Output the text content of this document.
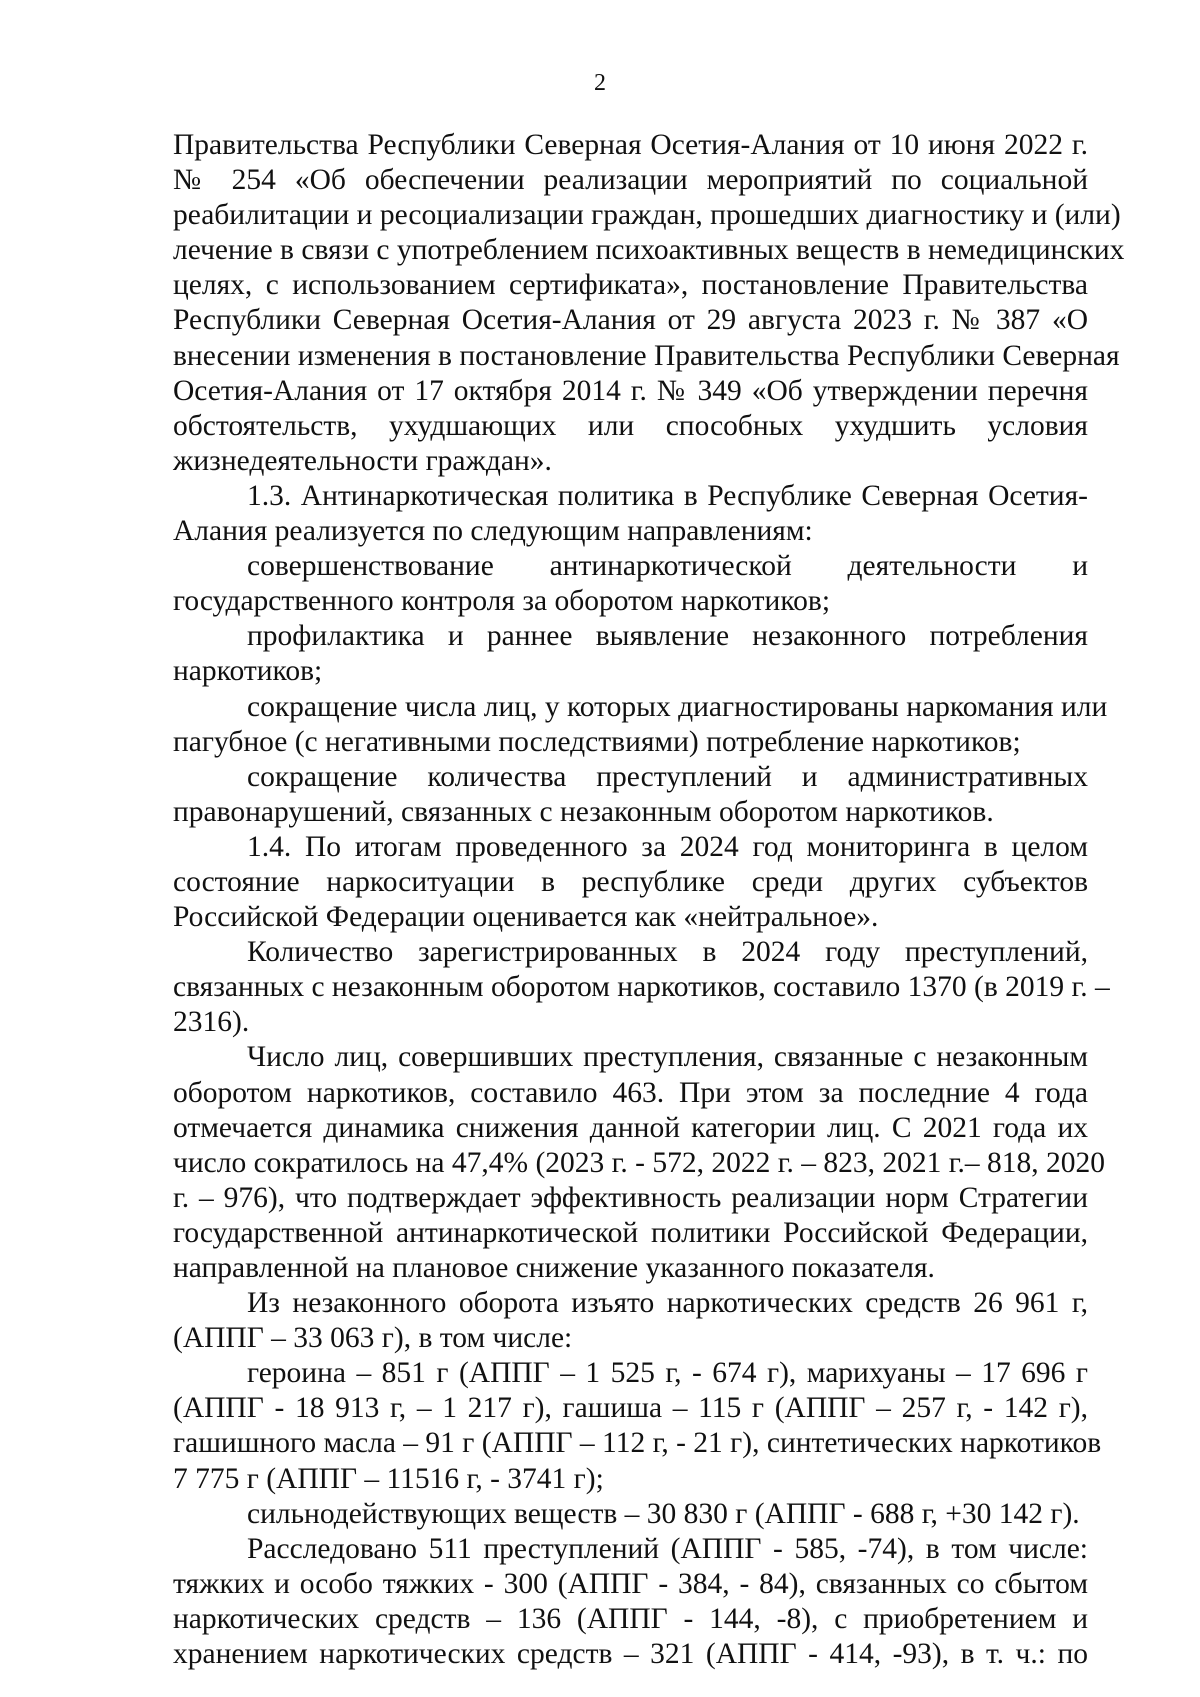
2
Правительства Республики Северная Осетия-Алания от 10 июня 2022 г.
№ 254 «Об обеспечении реализации мероприятий по социальной
реабилитации и ресоциализации граждан, прошедших диагностику и (или)
лечение в связи с употреблением психоактивных веществ в немедицинских
целях, с использованием сертификата», постановление Правительства
Республики Северная Осетия-Алания от 29 августа 2023 г. № 387 «О
внесении изменения в постановление Правительства Республики Северная
Осетия-Алания от 17 октября 2014 г. № 349 «Об утверждении перечня
обстоятельств, ухудшающих или способных ухудшить условия
жизнедеятельности граждан».
1.3. Антинаркотическая политика в Республике Северная Осетия-
Алания реализуется по следующим направлениям:
совершенствование антинаркотической деятельности и
государственного контроля за оборотом наркотиков;
профилактика и раннее выявление незаконного потребления
наркотиков;
сокращение числа лиц, у которых диагностированы наркомания или
пагубное (с негативными последствиями) потребление наркотиков;
сокращение количества преступлений и административных
правонарушений, связанных с незаконным оборотом наркотиков.
1.4. По итогам проведенного за 2024 год мониторинга в целом
состояние наркоситуации в республике среди других субъектов
Российской Федерации оценивается как «нейтральное».
Количество зарегистрированных в 2024 году преступлений,
связанных с незаконным оборотом наркотиков, составило 1370 (в 2019 г. –
2316).
Число лиц, совершивших преступления, связанные с незаконным
оборотом наркотиков, составило 463. При этом за последние 4 года
отмечается динамика снижения данной категории лиц. С 2021 года их
число сократилось на 47,4% (2023 г. - 572, 2022 г. – 823, 2021 г.– 818, 2020
г. – 976), что подтверждает эффективность реализации норм Стратегии
государственной антинаркотической политики Российской Федерации,
направленной на плановое снижение указанного показателя.
Из незаконного оборота изъято наркотических средств 26 961 г,
(АППГ – 33 063 г), в том числе:
героина – 851 г (АППГ – 1 525 г, - 674 г), марихуаны – 17 696 г
(АППГ - 18 913 г, – 1 217 г), гашиша – 115 г (АППГ – 257 г, - 142 г),
гашишного масла – 91 г (АППГ – 112 г, - 21 г), синтетических наркотиков
7 775 г (АППГ – 11516 г, - 3741 г);
сильнодействующих веществ – 30 830 г (АППГ - 688 г, +30 142 г).
Расследовано 511 преступлений (АППГ - 585, -74), в том числе:
тяжких и особо тяжких - 300 (АППГ - 384, - 84), связанных со сбытом
наркотических средств – 136 (АППГ - 144, -8), с приобретением и
хранением наркотических средств – 321 (АППГ - 414, -93), в т. ч.: по
